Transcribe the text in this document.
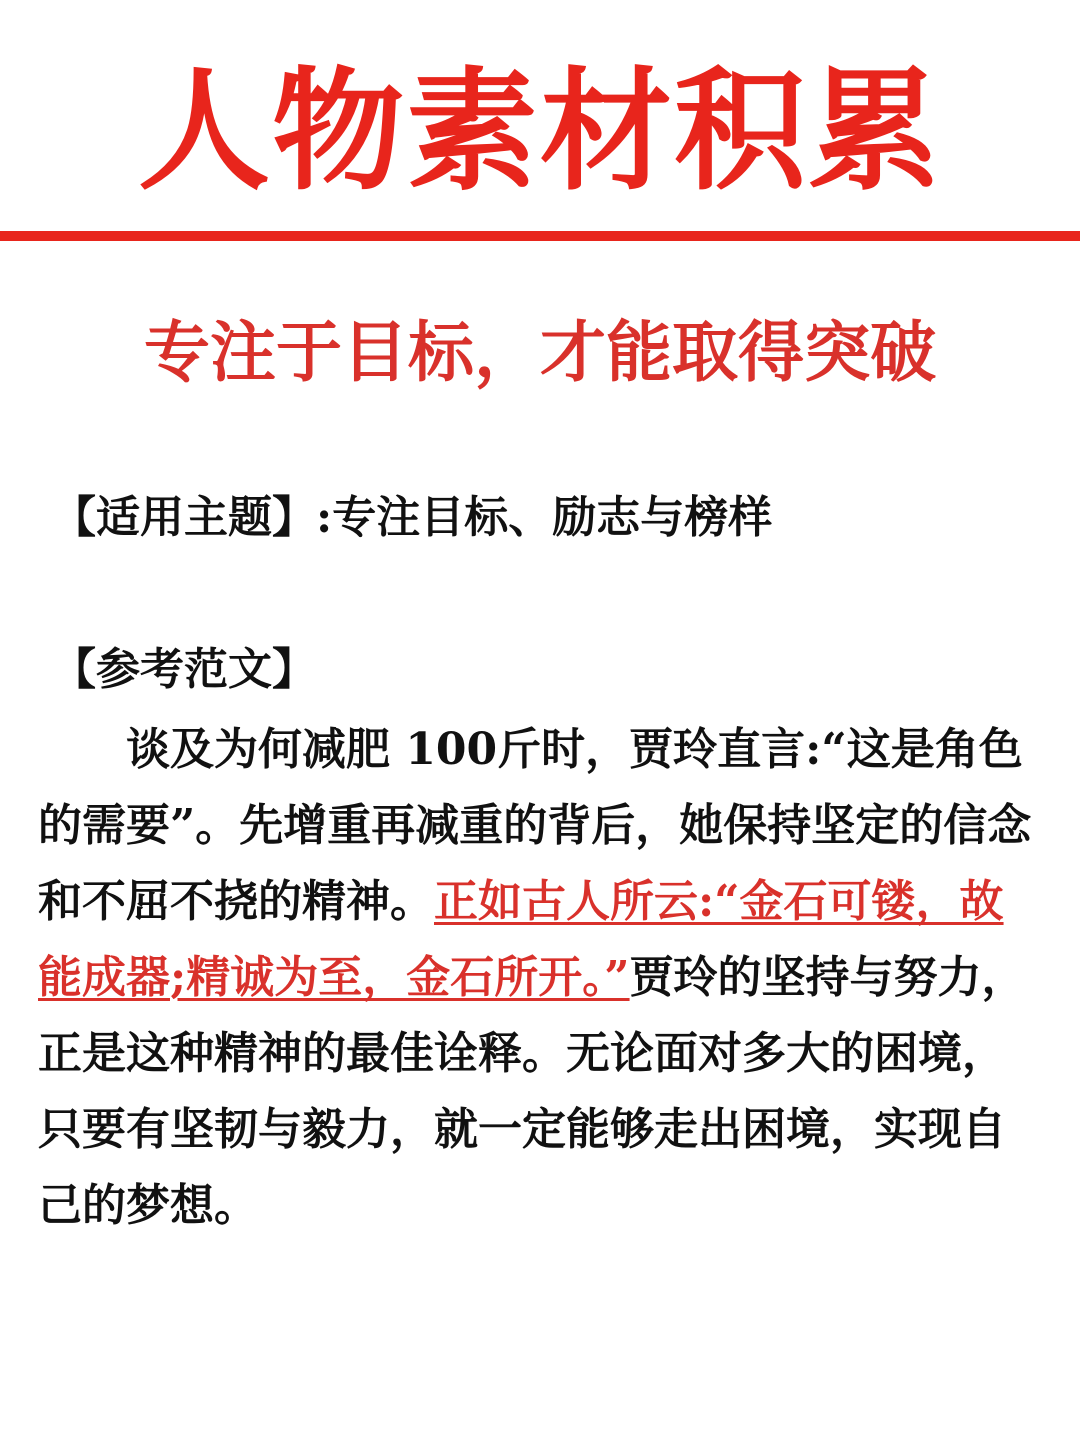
人物素材积累
专注于目标，才能取得突破
【适用主题】:专注目标、励志与榜样
【参考范文】

谈及为何减肥 100斤时，贾玲直言:“这是角色的需要”。先增重再减重的背后，她保持坚定的信念和不屈不挠的精神。正如古人所云:“金石可镂，故能成器;精诚为至，金石所开。”贾玲的坚持与努力，正是这种精神的最佳诠释。无论面对多大的困境，只要有坚韧与毅力，就一定能够走出困境，实现自己的梦想。
